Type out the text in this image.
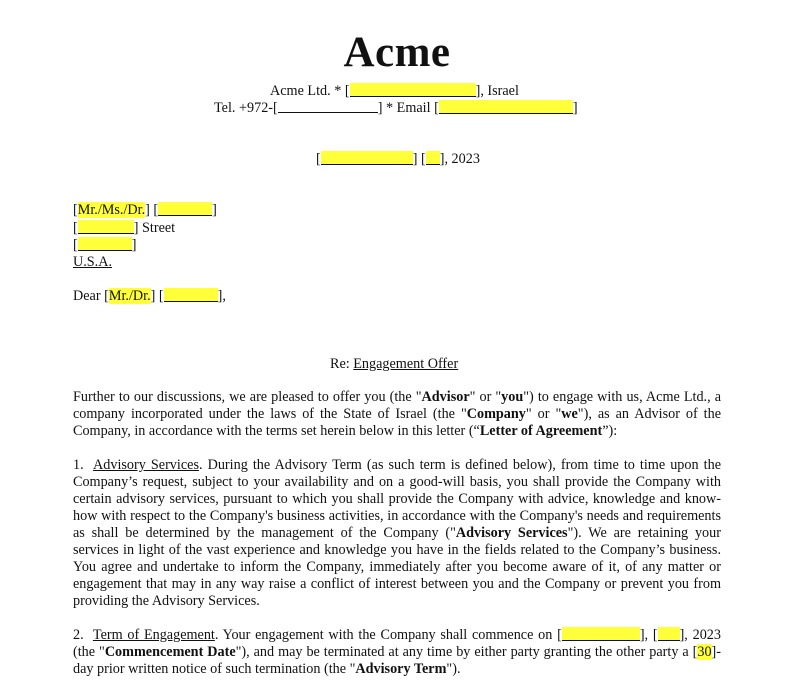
Acme
Acme Ltd. * [	], Israel
Tel. +972-[	] * Email [	]
[	] [ ], 2023
[Mr./Ms./Dr.] [	]
[	] Street
[	]
U.S.A.
Dear [Mr./Dr.] [	],
Re: Engagement Offer
Further to our discussions, we are pleased to offer you (the "Advisor" or "you") to engage with us, Acme Ltd., a company incorporated under the laws of the State of Israel (the "Company" or "we"), as an Advisor of the Company, in accordance with the terms set herein below in this letter (“Letter of Agreement”):
1. Advisory Services. During the Advisory Term (as such term is defined below), from time to time upon the Company’s request, subject to your availability and on a good-will basis, you shall provide the Company with certain advisory services, pursuant to which you shall provide the Company with advice, knowledge and know-how with respect to the Company's business activities, in accordance with the Company's needs and requirements as shall be determined by the management of the Company ("Advisory Services"). We are retaining your services in light of the vast experience and knowledge you have in the fields related to the Company’s business. You agree and undertake to inform the Company, immediately after you become aware of it, of any matter or engagement that may in any way raise a conflict of interest between you and the Company or prevent you from providing the Advisory Services.
2. Term of Engagement. Your engagement with the Company shall commence on [	], [ ], 2023 (the "Commencement Date"), and may be terminated at any time by either party granting the other party a [30]-day prior written notice of such termination (the "Advisory Term").
